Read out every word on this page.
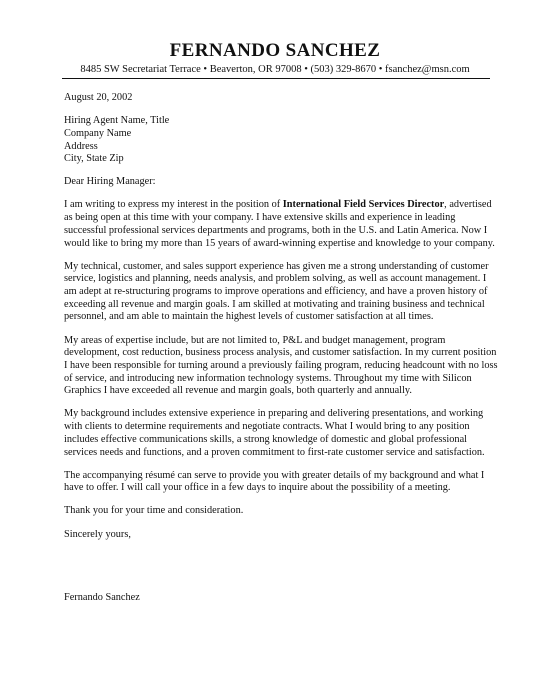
FERNANDO SANCHEZ
8485 SW Secretariat Terrace • Beaverton, OR 97008 • (503) 329-8670 • fsanchez@msn.com
August 20, 2002
Hiring Agent Name, Title
Company Name
Address
City, State Zip
Dear Hiring Manager:
I am writing to express my interest in the position of International Field Services Director, advertised
as being open at this time with your company. I have extensive skills and experience in leading
successful professional services departments and programs, both in the U.S. and Latin America. Now I
would like to bring my more than 15 years of award-winning expertise and knowledge to your company.
My technical, customer, and sales support experience has given me a strong understanding of customer
service, logistics and planning, needs analysis, and problem solving, as well as account management. I
am adept at re-structuring programs to improve operations and efficiency, and have a proven history of
exceeding all revenue and margin goals. I am skilled at motivating and training business and technical
personnel, and am able to maintain the highest levels of customer satisfaction at all times.
My areas of expertise include, but are not limited to, P&L and budget management, program
development, cost reduction, business process analysis, and customer satisfaction. In my current position
I have been responsible for turning around a previously failing program, reducing headcount with no loss
of service, and introducing new information technology systems. Throughout my time with Silicon
Graphics I have exceeded all revenue and margin goals, both quarterly and annually.
My background includes extensive experience in preparing and delivering presentations, and working
with clients to determine requirements and negotiate contracts. What I would bring to any position
includes effective communications skills, a strong knowledge of domestic and global professional
services needs and functions, and a proven commitment to first-rate customer service and satisfaction.
The accompanying résumé can serve to provide you with greater details of my background and what I
have to offer. I will call your office in a few days to inquire about the possibility of a meeting.
Thank you for your time and consideration.
Sincerely yours,
Fernando Sanchez
